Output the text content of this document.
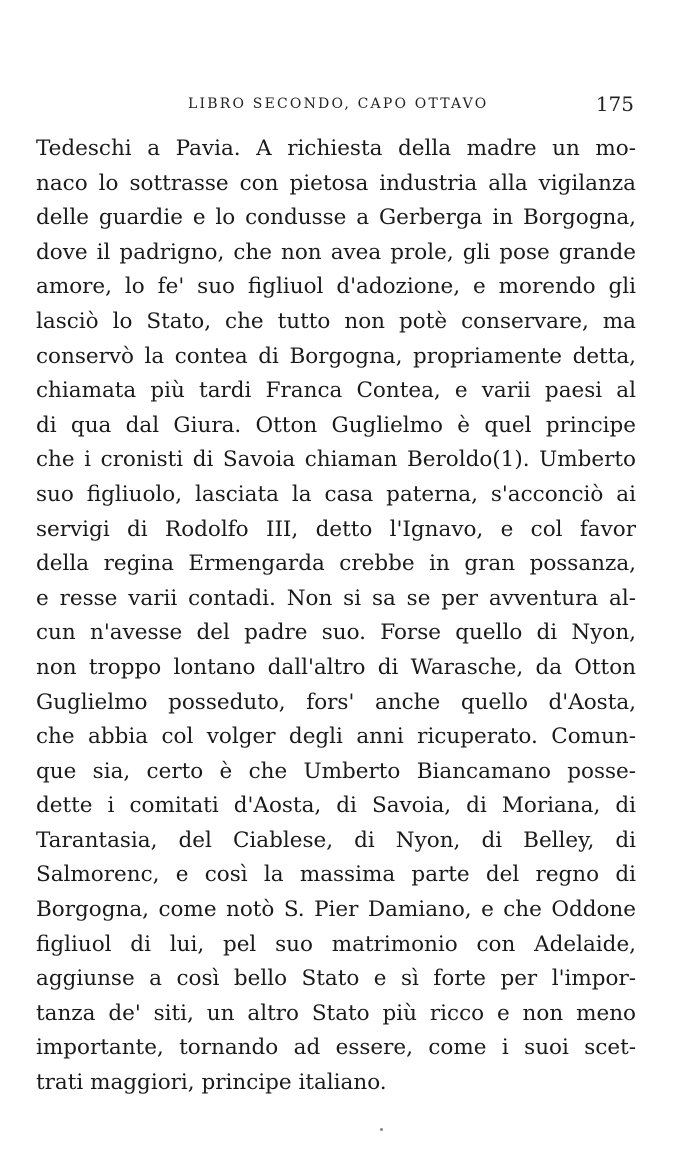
LIBRO SECONDO, CAPO OTTAVO	175
Tedeschi a Pavia. A richiesta della madre un mo-
naco lo sottrasse con pietosa industria alla vigilanza
delle guardie e lo condusse a Gerberga in Borgogna,
dove il padrigno, che non avea prole, gli pose grande
amore, lo fe' suo figliuol d'adozione, e morendo gli
lasciò lo Stato, che tutto non potè conservare, ma
conservò la contea di Borgogna, propriamente detta,
chiamata più tardi Franca Contea, e varii paesi al
di qua dal Giura. Otton Guglielmo è quel principe
che i cronisti di Savoia chiaman Beroldo(1). Umberto
suo figliuolo, lasciata la casa paterna, s'acconciò ai
servigi di Rodolfo III, detto l'Ignavo, e col favor
della regina Ermengarda crebbe in gran possanza,
e resse varii contadi. Non si sa se per avventura al-
cun n'avesse del padre suo. Forse quello di Nyon,
non troppo lontano dall'altro di Warasche, da Otton
Guglielmo posseduto, fors' anche quello d'Aosta,
che abbia col volger degli anni ricuperato. Comun-
que sia, certo è che Umberto Biancamano posse-
dette i comitati d'Aosta, di Savoia, di Moriana, di
Tarantasia, del Ciablese, di Nyon, di Belley, di
Salmorenc, e così la massima parte del regno di
Borgogna, come notò S. Pier Damiano, e che Oddone
figliuol di lui, pel suo matrimonio con Adelaide,
aggiunse a così bello Stato e sì forte per l'impor-
tanza de' siti, un altro Stato più ricco e non meno
importante, tornando ad essere, come i suoi scet-
trati maggiori, principe italiano.
